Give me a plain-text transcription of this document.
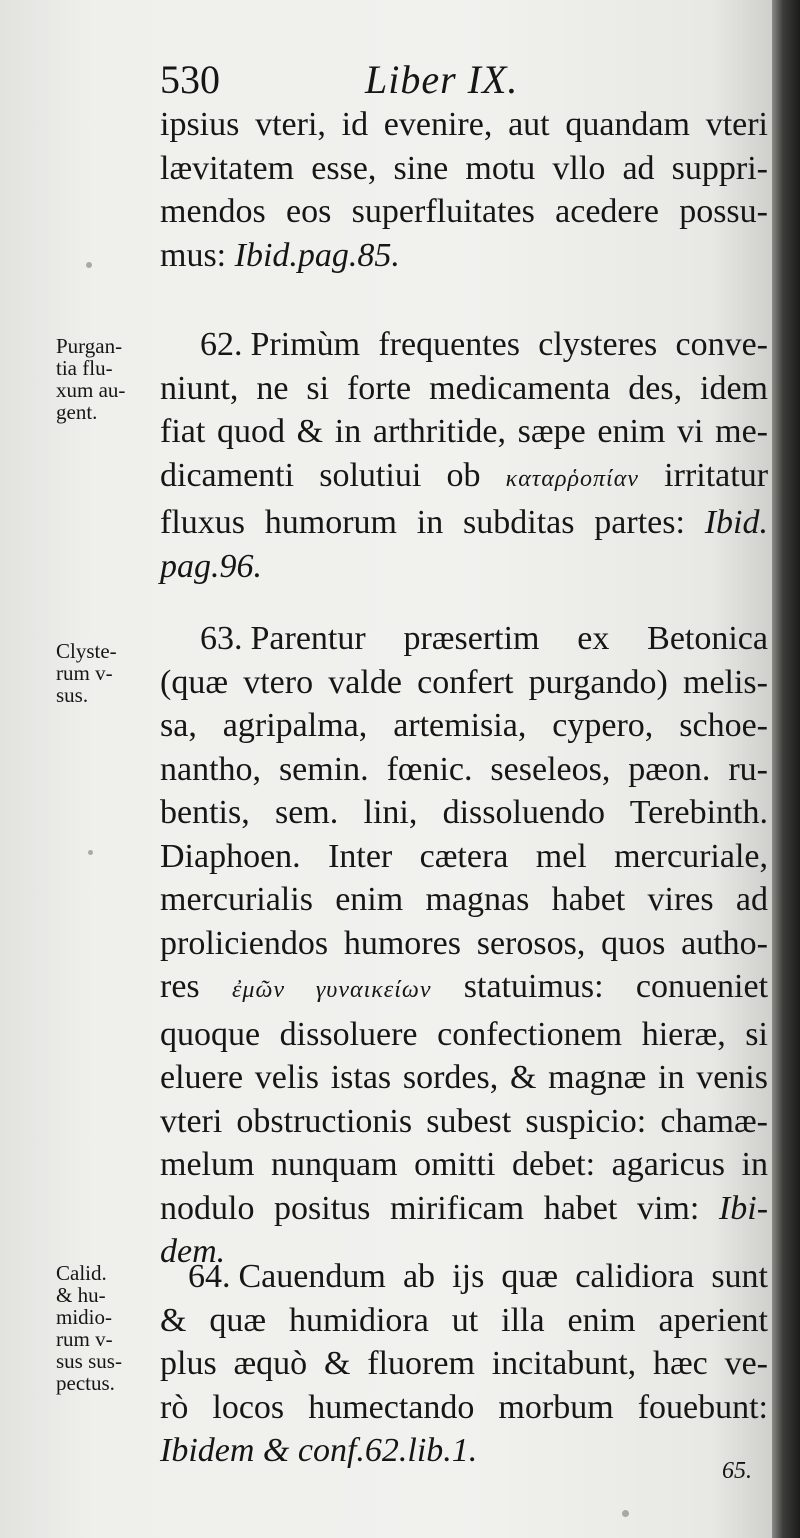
530	Liber IX.
ipsius vteri, id evenire, aut quandam vteri
lævitatem esse, sine motu vllo ad suppri-
mendos eos superfluitates acedere possu-
mus: Ibid.pag.85.
Purgan-
tia flu-
xum au-
gent.
62. Primùm frequentes clysteres conve-
niunt, ne si forte medicamenta des, idem
fiat quod & in arthritide, sæpe enim vi me-
dicamenti solutiui ob καταρῥοπίαν irritatur
fluxus humorum in subditas partes: Ibid.
pag.96.
Clyste-
rum v-
sus.
63. Parentur præsertim ex Betonica
(quæ vtero valde confert purgando) melis-
sa, agripalma, artemisia, cypero, schoe-
nantho, semin. fœnic. seseleos, pæon. ru-
bentis, sem. lini, dissoluendo Terebinth.
Diaphoen. Inter cætera mel mercuriale,
mercurialis enim magnas habet vires ad
proliciendos humores serosos, quos autho-
res ἐμῶν γυναικείων statuimus: conueniet
quoque dissoluere confectionem hieræ, si
eluere velis istas sordes, & magnæ in venis
vteri obstructionis subest suspicio: chamæ-
melum nunquam omitti debet: agaricus in
nodulo positus mirificam habet vim: Ibi-
dem.
Calid.
& hu-
midio-
rum v-
sus sus-
pectus.
64. Cauendum ab ijs quæ calidiora sunt
& quæ humidiora ut illa enim aperient
plus æquò & fluorem incitabunt, hæc ve-
rò locos humectando morbum fouebunt:
Ibidem & conf.62.lib.1.
65.
